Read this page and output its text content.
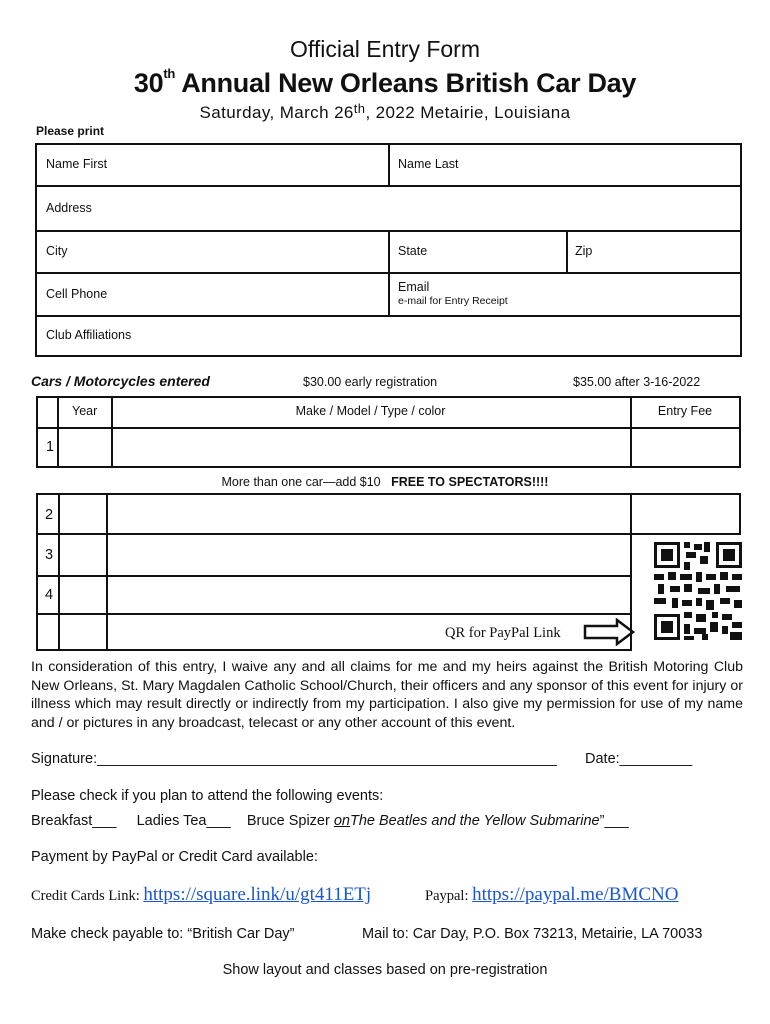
Official Entry Form
30th Annual New Orleans British Car Day
Saturday, March 26th, 2022 Metairie, Louisiana
Please print
Name First	Name Last
Address
City	State	Zip
Cell Phone	Email
e-mail for Entry Receipt
Club Affiliations
Cars / Motorcycles entered	$30.00 early registration	$35.00 after 3-16-2022
Year	Make / Model / Type / color	Entry Fee
1
More than one car—add $10 FREE TO SPECTATORS!!!!
2
3
4
QR for PayPal Link
In consideration of this entry, I waive any and all claims for me and my heirs against the British Motoring Club New Orleans, St. Mary Magdalen Catholic School/Church, their officers and any sponsor of this event for injury or illness which may result directly or indirectly from my participation. I also give my permission for use of my name and / or pictures in any broadcast, telecast or any other account of this event.
Signature:_________________________________________________________ Date:_________
Please check if you plan to attend the following events:
Breakfast___ Ladies Tea___ Bruce Spizer onThe Beatles and the Yellow Submarine”___
Payment by PayPal or Credit Card available:
Credit Cards Link: https://square.link/u/gt411ETj	Paypal: https://paypal.me/BMCNO
Make check payable to: “British Car Day”	Mail to: Car Day, P.O. Box 73213, Metairie, LA 70033
Show layout and classes based on pre-registration
